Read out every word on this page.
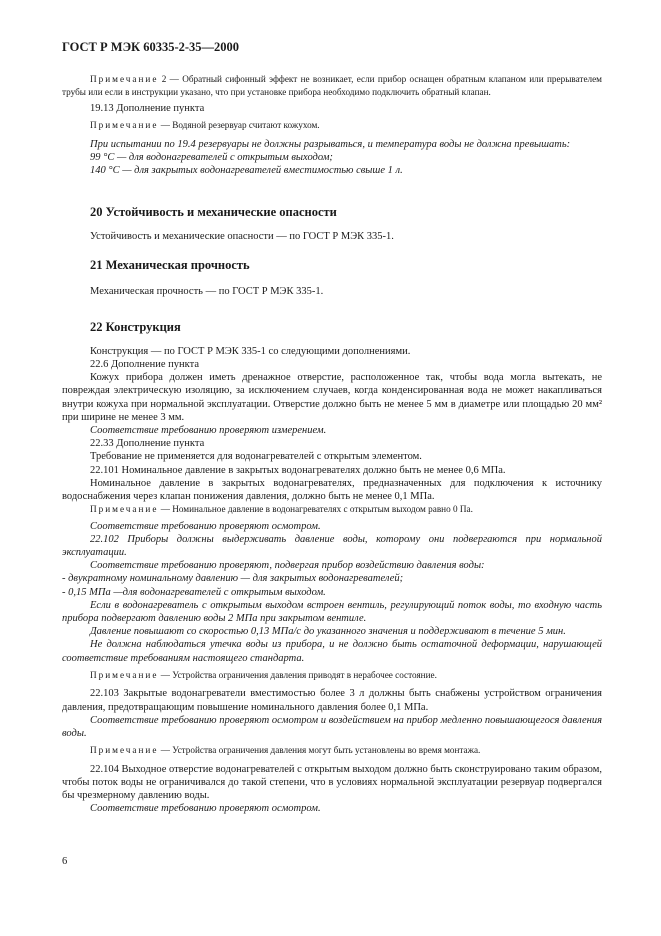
ГОСТ Р МЭК 60335-2-35—2000

Примечание 2 — Обратный сифонный эффект не возникает, если прибор оснащен обратным клапаном или прерывателем трубы или если в инструкции указано, что при установке прибора необходимо подключить обратный клапан.

19.13 Дополнение пункта

Примечание — Водяной резервуар считают кожухом.

При испытании по 19.4 резервуары не должны разрываться, и температура воды не должна превышать:

99 °С — для водонагревателей с открытым выходом;

140 °С — для закрытых водонагревателей вместимостью свыше 1 л.

20 Устойчивость и механические опасности

Устойчивость и механические опасности — по ГОСТ Р МЭК 335-1.

21 Механическая прочность

Механическая прочность — по ГОСТ Р МЭК 335-1.

22 Конструкция

Конструкция — по ГОСТ Р МЭК 335-1 со следующими дополнениями.

22.6 Дополнение пункта

Кожух прибора должен иметь дренажное отверстие, расположенное так, чтобы вода могла вытекать, не повреждая электрическую изоляцию, за исключением случаев, когда конденсированная вода не может накапливаться внутри кожуха при нормальной эксплуатации. Отверстие должно быть не менее 5 мм в диаметре или площадью 20 мм² при ширине не менее 3 мм.

Соответствие требованию проверяют измерением.

22.33 Дополнение пункта

Требование не применяется для водонагревателей с открытым элементом.

22.101 Номинальное давление в закрытых водонагревателях должно быть не менее 0,6 МПа.

Номинальное давление в закрытых водонагревателях, предназначенных для подключения к источнику водоснабжения через клапан понижения давления, должно быть не менее 0,1 МПа.

Примечание — Номинальное давление в водонагревателях с открытым выходом равно 0 Па.

Соответствие требованию проверяют осмотром.

22.102 Приборы должны выдерживать давление воды, которому они подвергаются при нормальной эксплуатации.

Соответствие требованию проверяют, подвергая прибор воздействию давления воды:

- двукратному номинальному давлению — для закрытых водонагревателей;

- 0,15 МПа —для водонагревателей с открытым выходом.

Если в водонагреватель с открытым выходом встроен вентиль, регулирующий поток воды, то входную часть прибора подвергают давлению воды 2 МПа при закрытом вентиле.

Давление повышают со скоростью 0,13 МПа/с до указанного значения и поддерживают в течение 5 мин.

Не должна наблюдаться утечка воды из прибора, и не должно быть остаточной деформации, нарушающей соответствие требованиям настоящего стандарта.

Примечание — Устройства ограничения давления приводят в нерабочее состояние.

22.103 Закрытые водонагреватели вместимостью более 3 л должны быть снабжены устройством ограничения давления, предотвращающим повышение номинального давления более 0,1 МПа.

Соответствие требованию проверяют осмотром и воздействием на прибор медленно повышающегося давления воды.

Примечание — Устройства ограничения давления могут быть установлены во время монтажа.

22.104 Выходное отверстие водонагревателей с открытым выходом должно быть сконструировано таким образом, чтобы поток воды не ограничивался до такой степени, что в условиях нормальной эксплуатации резервуар подвергался бы чрезмерному давлению воды.

Соответствие требованию проверяют осмотром.

6
